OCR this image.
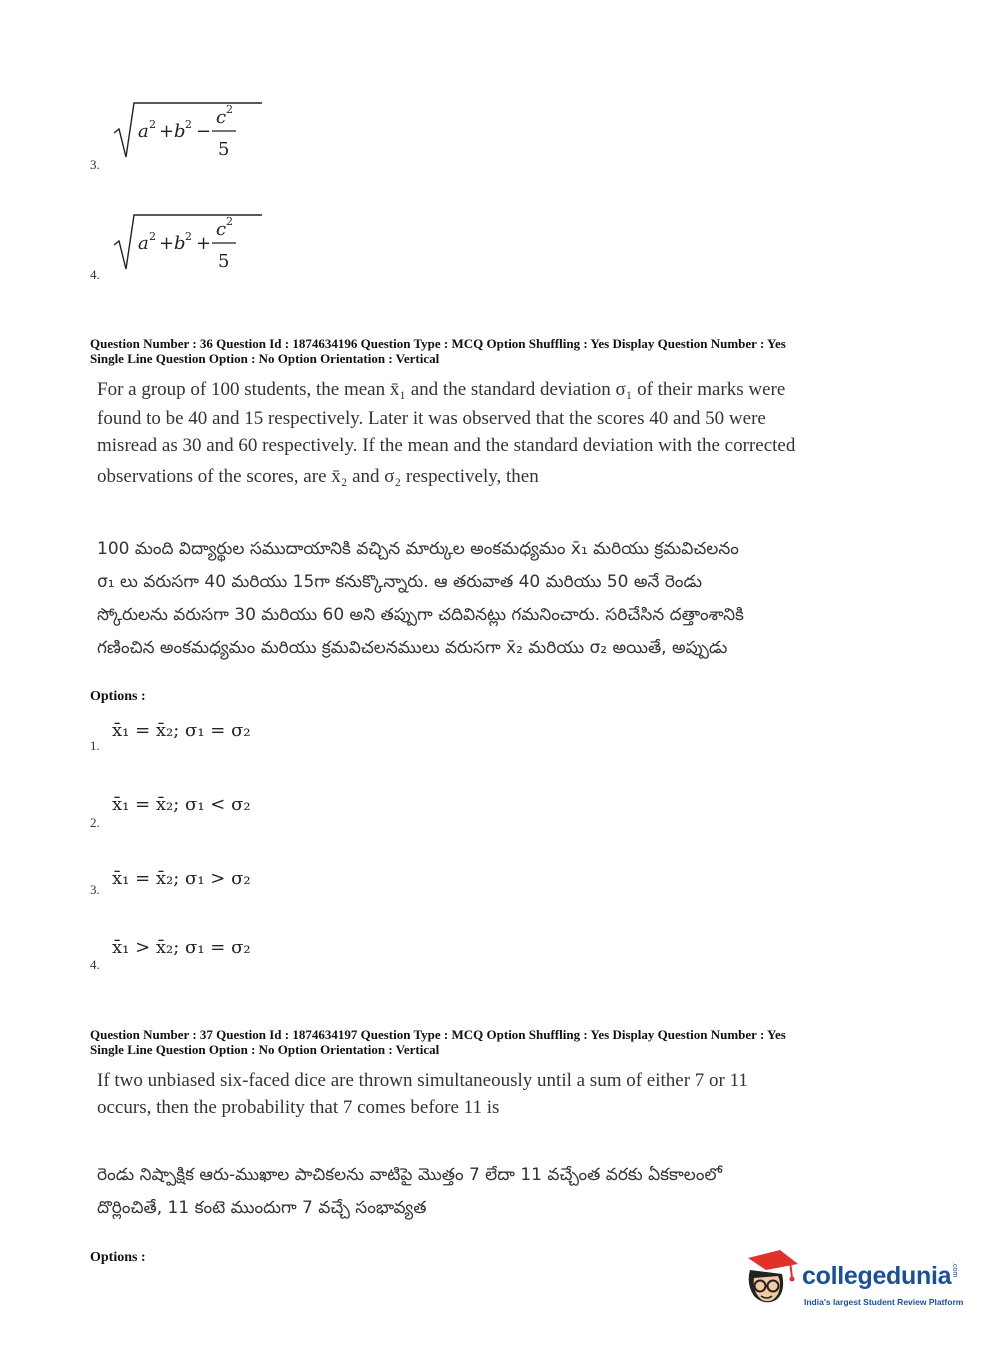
3.
a 2 + b 2 −
c 2
5
4.
a 2 + b 2 +
c 2
5
Question Number : 36 Question Id : 1874634196 Question Type : MCQ Option Shuffling : Yes Display Question Number : Yes
Single Line Question Option : No Option Orientation : Vertical
For a group of 100 students, the mean x̄₁ and the standard deviation σ₁ of their marks were
found to be 40 and 15 respectively. Later it was observed that the scores 40 and 50 were
misread as 30 and 60 respectively. If the mean and the standard deviation with the corrected
observations of the scores, are x̄₂ and σ₂ respectively, then
100 మంది విద్యార్థుల సముదాయానికి వచ్చిన మార్కుల అంకమధ్యమం x̄₁ మరియు క్రమవిచలనం
σ₁ లు వరుసగా 40 మరియు 15గా కనుక్కొన్నారు. ఆ తరువాత 40 మరియు 50 అనే రెండు
స్కోరులను వరుసగా 30 మరియు 60 అని తప్పుగా చదివినట్లు గమనించారు. సరిచేసిన దత్తాంశానికి
గణించిన అంకమధ్యమం మరియు క్రమవిచలనములు వరుసగా x̄₂ మరియు σ₂ అయితే, అప్పుడు
Options :
1.
x̄₁ = x̄₂; σ₁ = σ₂
2.
x̄₁ = x̄₂; σ₁ < σ₂
3.
x̄₁ = x̄₂; σ₁ > σ₂
4.
x̄₁ > x̄₂; σ₁ = σ₂
Question Number : 37 Question Id : 1874634197 Question Type : MCQ Option Shuffling : Yes Display Question Number : Yes
Single Line Question Option : No Option Orientation : Vertical
If two unbiased six-faced dice are thrown simultaneously until a sum of either 7 or 11
occurs, then the probability that 7 comes before 11 is
రెండు నిష్పాక్షిక ఆరు-ముఖాల పాచికలను వాటిపై మొత్తం 7 లేదా 11 వచ్చేంత వరకు ఏకకాలంలో
దొర్లించితే, 11 కంటె ముందుగా 7 వచ్చే సంభావ్యత
Options :
collegedunia.com
India's largest Student Review Platform
